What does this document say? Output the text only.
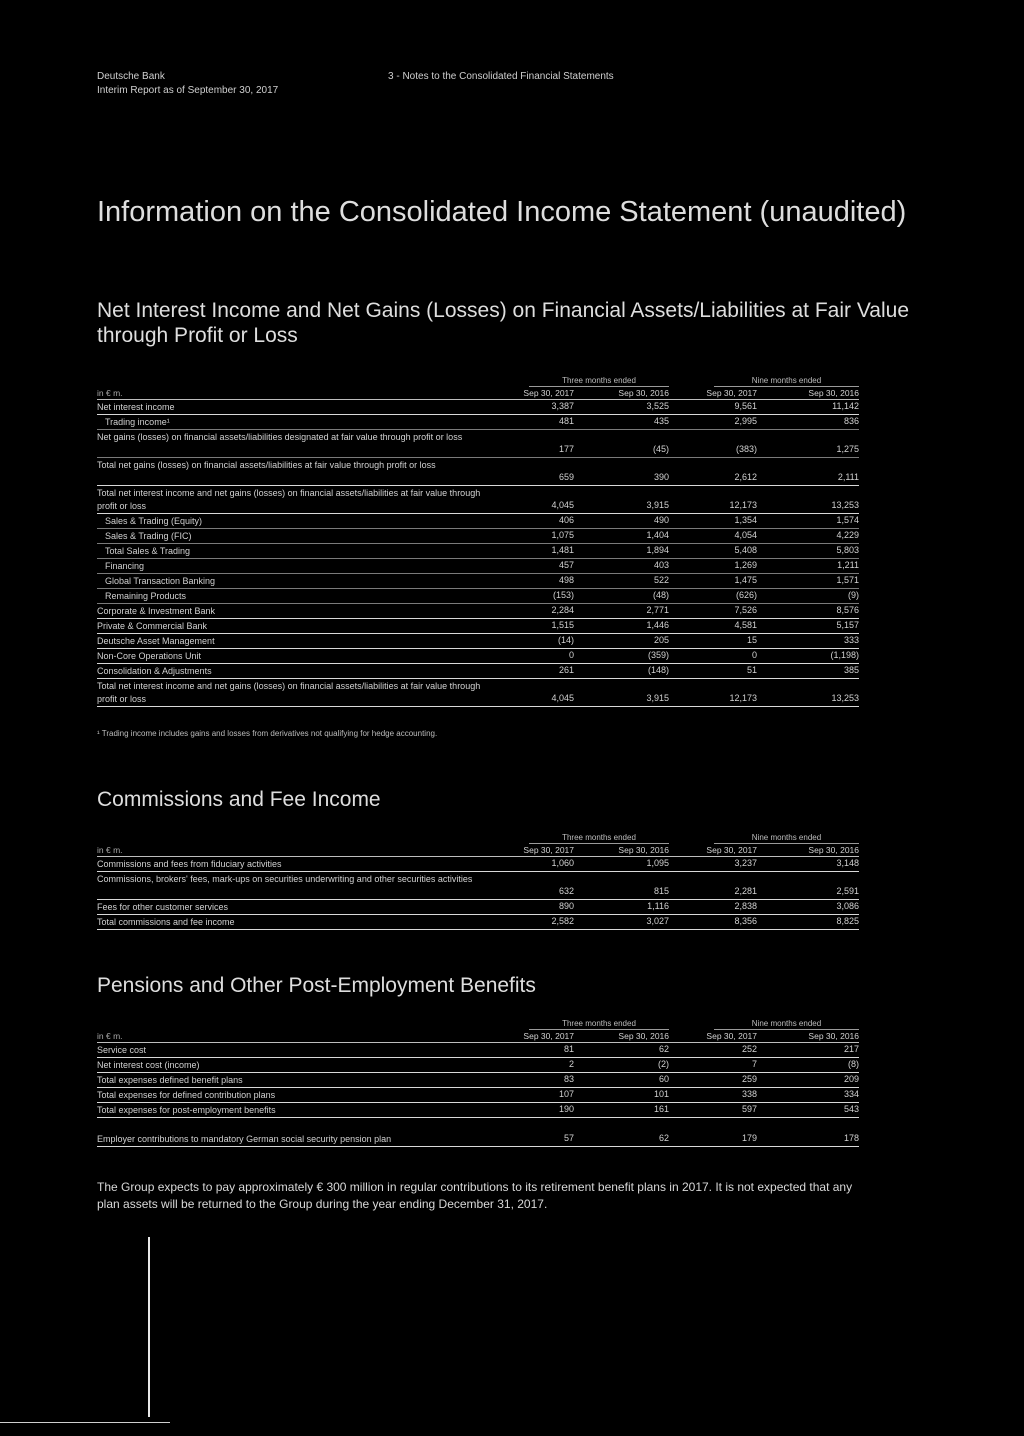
Deutsche Bank
Interim Report as of September 30, 2017
3 - Notes to the Consolidated Financial Statements
Information on the Consolidated Income Statement (unaudited)
Net Interest Income and Net Gains (Losses) on Financial Assets/Liabilities at Fair Value through Profit or Loss
Three months ended	Nine months ended
in € m.	Sep 30, 2017	Sep 30, 2016	Sep 30, 2017	Sep 30, 2016
Net interest income	3,387	3,525	9,561	11,142
Trading income¹	481	435	2,995	836
Net gains (losses) on financial assets/liabilities designated at fair value through profit or loss
177	(45)	(383)	1,275
Total net gains (losses) on financial assets/liabilities at fair value through profit or loss
659	390	2,612	2,111
Total net interest income and net gains (losses) on financial assets/liabilities at fair value through profit or loss	4,045	3,915	12,173	13,253
Sales & Trading (Equity)	406	490	1,354	1,574
Sales & Trading (FIC)	1,075	1,404	4,054	4,229
Total Sales & Trading	1,481	1,894	5,408	5,803
Financing	457	403	1,269	1,211
Global Transaction Banking	498	522	1,475	1,571
Remaining Products	(153)	(48)	(626)	(9)
Corporate & Investment Bank	2,284	2,771	7,526	8,576
Private & Commercial Bank	1,515	1,446	4,581	5,157
Deutsche Asset Management	(14)	205	15	333
Non-Core Operations Unit	0	(359)	0	(1,198)
Consolidation & Adjustments	261	(148)	51	385
Total net interest income and net gains (losses) on financial assets/liabilities at fair value through profit or loss	4,045	3,915	12,173	13,253
¹ Trading income includes gains and losses from derivatives not qualifying for hedge accounting.
Commissions and Fee Income
Three months ended	Nine months ended
in € m.	Sep 30, 2017	Sep 30, 2016	Sep 30, 2017	Sep 30, 2016
Commissions and fees from fiduciary activities	1,060	1,095	3,237	3,148
Commissions, brokers' fees, mark-ups on securities underwriting and other securities activities
632	815	2,281	2,591
Fees for other customer services	890	1,116	2,838	3,086
Total commissions and fee income	2,582	3,027	8,356	8,825
Pensions and Other Post-Employment Benefits
Three months ended	Nine months ended
in € m.	Sep 30, 2017	Sep 30, 2016	Sep 30, 2017	Sep 30, 2016
Service cost	81	62	252	217
Net interest cost (income)	2	(2)	7	(8)
Total expenses defined benefit plans	83	60	259	209
Total expenses for defined contribution plans	107	101	338	334
Total expenses for post-employment benefits	190	161	597	543
Employer contributions to mandatory German social security pension plan	57	62	179	178
The Group expects to pay approximately € 300 million in regular contributions to its retirement benefit plans in 2017. It is not expected that any plan assets will be returned to the Group during the year ending December 31, 2017.
